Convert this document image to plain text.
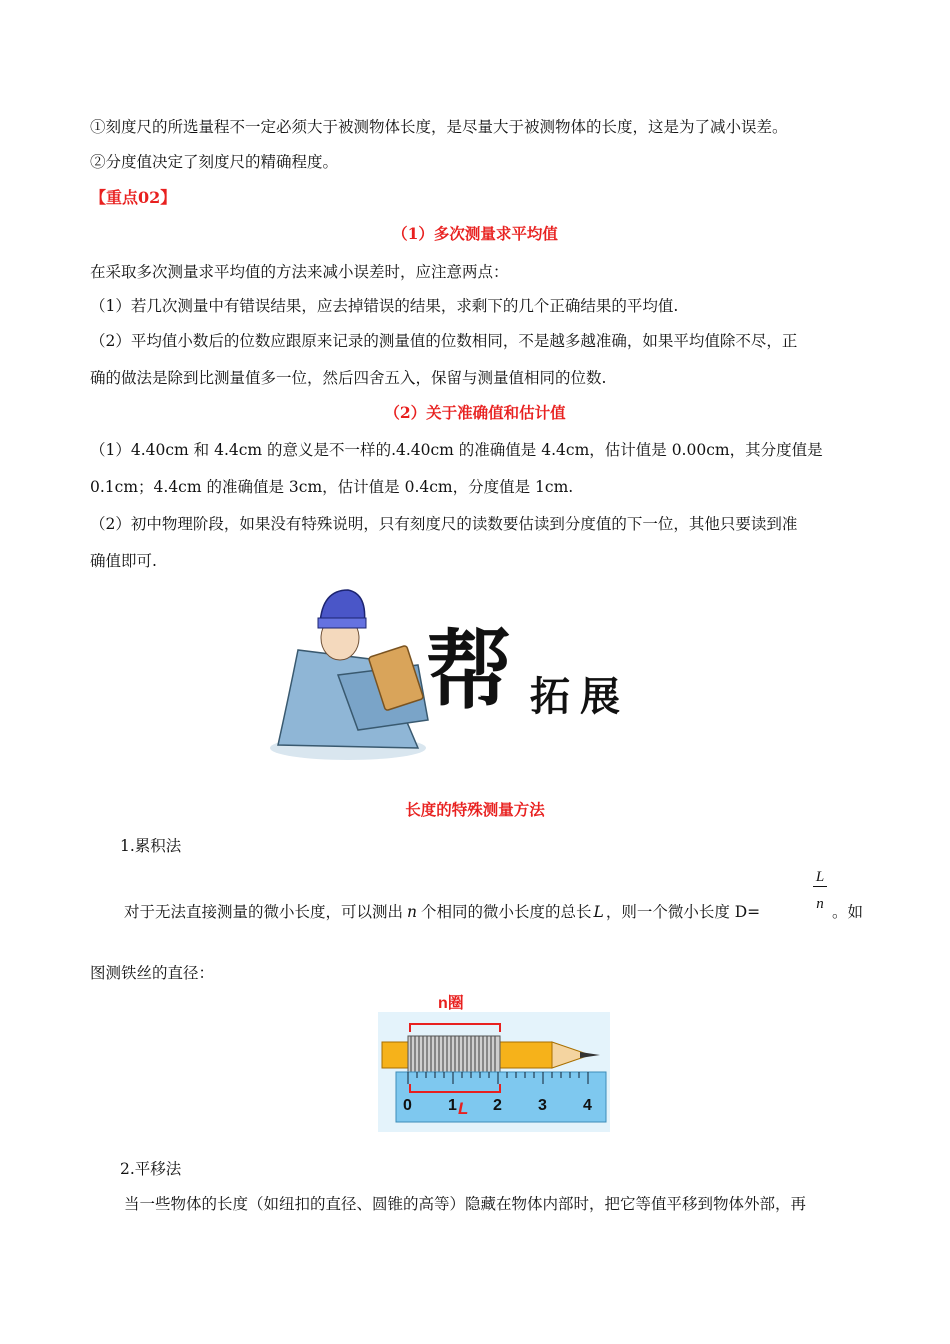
①刻度尺的所选量程不一定必须大于被测物体长度，是尽量大于被测物体的长度，这是为了减小误差。
②分度值决定了刻度尺的精确程度。
【重点02】
（1）多次测量求平均值
在采取多次测量求平均值的方法来减小误差时，应注意两点：
（1）若几次测量中有错误结果，应去掉错误的结果，求剩下的几个正确结果的平均值.
（2）平均值小数后的位数应跟原来记录的测量值的位数相同，不是越多越准确，如果平均值除不尽，正
确的做法是除到比测量值多一位，然后四舍五入，保留与测量值相同的位数.
（2）关于准确值和估计值
（1）4.40cm 和 4.4cm 的意义是不一样的.4.40cm 的准确值是 4.4cm，估计值是 0.00cm，其分度值是
0.1cm；4.4cm 的准确值是 3cm，估计值是 0.4cm，分度值是 1cm.
（2）初中物理阶段，如果没有特殊说明，只有刻度尺的读数要估读到分度值的下一位，其他只要读到准
确值即可.
帮 拓展
长度的特殊测量方法
1.累积法
对于无法直接测量的微小长度，可以测出 n 个相同的微小长度的总长 L ，则一个微小长度 D=
L
n 。如
图测铁丝的直径：
n圈
0 1 2 3 4
L
2.平移法
当一些物体的长度（如纽扣的直径、圆锥的高等）隐藏在物体内部时，把它等值平移到物体外部，再
